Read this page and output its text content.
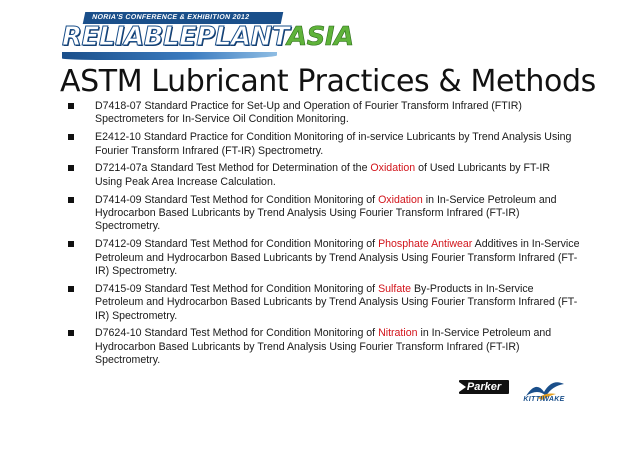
NORIA'S CONFERENCE & EXHIBITION 2012
RELIABLEPLANTASIA
ASTM Lubricant Practices & Methods
D7418-07 Standard Practice for Set-Up and Operation of Fourier Transform Infrared (FTIR) Spectrometers for In-Service Oil Condition Monitoring.
E2412-10 Standard Practice for Condition Monitoring of in-service Lubricants by Trend Analysis Using Fourier Transform Infrared (FT-IR) Spectrometry.
D7214-07a Standard Test Method for Determination of the Oxidation of Used Lubricants by FT-IR Using Peak Area Increase Calculation.
D7414-09 Standard Test Method for Condition Monitoring of Oxidation in In-Service Petroleum and Hydrocarbon Based Lubricants by Trend Analysis Using Fourier Transform Infrared (FT-IR) Spectrometry.
D7412-09 Standard Test Method for Condition Monitoring of Phosphate Antiwear Additives in In-Service Petroleum and Hydrocarbon Based Lubricants by Trend Analysis Using Fourier Transform Infrared (FT-IR) Spectrometry.
D7415-09 Standard Test Method for Condition Monitoring of Sulfate By-Products in In-Service Petroleum and Hydrocarbon Based Lubricants by Trend Analysis Using Fourier Transform Infrared (FT-IR) Spectrometry.
D7624-10 Standard Test Method for Condition Monitoring of Nitration in In-Service Petroleum and Hydrocarbon Based Lubricants by Trend Analysis Using Fourier Transform Infrared (FT-IR) Spectrometry.
Parker
KITTIWAKE
